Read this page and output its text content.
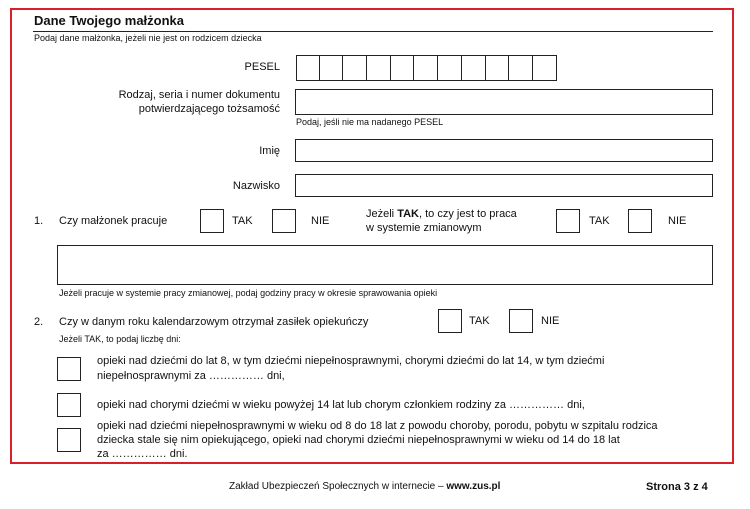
Dane Twojego małżonka
Podaj dane małżonka, jeżeli nie jest on rodzicem dziecka
PESEL
Rodzaj, seria i numer dokumentu
potwierdzającego tożsamość
Podaj, jeśli nie ma nadanego PESEL
Imię
Nazwisko
1. Czy małżonek pracuje	TAK	NIE
Jeżeli TAK, to czy jest to praca
w systemie zmianowym
TAK	NIE
Jeżeli pracuje w systemie pracy zmianowej, podaj godziny pracy w okresie sprawowania opieki
2. Czy w danym roku kalendarzowym otrzymał zasiłek opiekuńczy	TAK	NIE
Jeżeli TAK, to podaj liczbę dni:
opieki nad dziećmi do lat 8, w tym dziećmi niepełnosprawnymi, chorymi dziećmi do lat 14, w tym dziećmi
niepełnosprawnymi za …………… dni,
opieki nad chorymi dziećmi w wieku powyżej 14 lat lub chorym członkiem rodziny za …………… dni,
opieki nad dziećmi niepełnosprawnymi w wieku od 8 do 18 lat z powodu choroby, porodu, pobytu w szpitalu rodzica
dziecka stale się nim opiekującego, opieki nad chorymi dziećmi niepełnosprawnymi w wieku od 14 do 18 lat
za …………… dni.
Zakład Ubezpieczeń Społecznych w internecie – www.zus.pl	Strona 3 z 4
